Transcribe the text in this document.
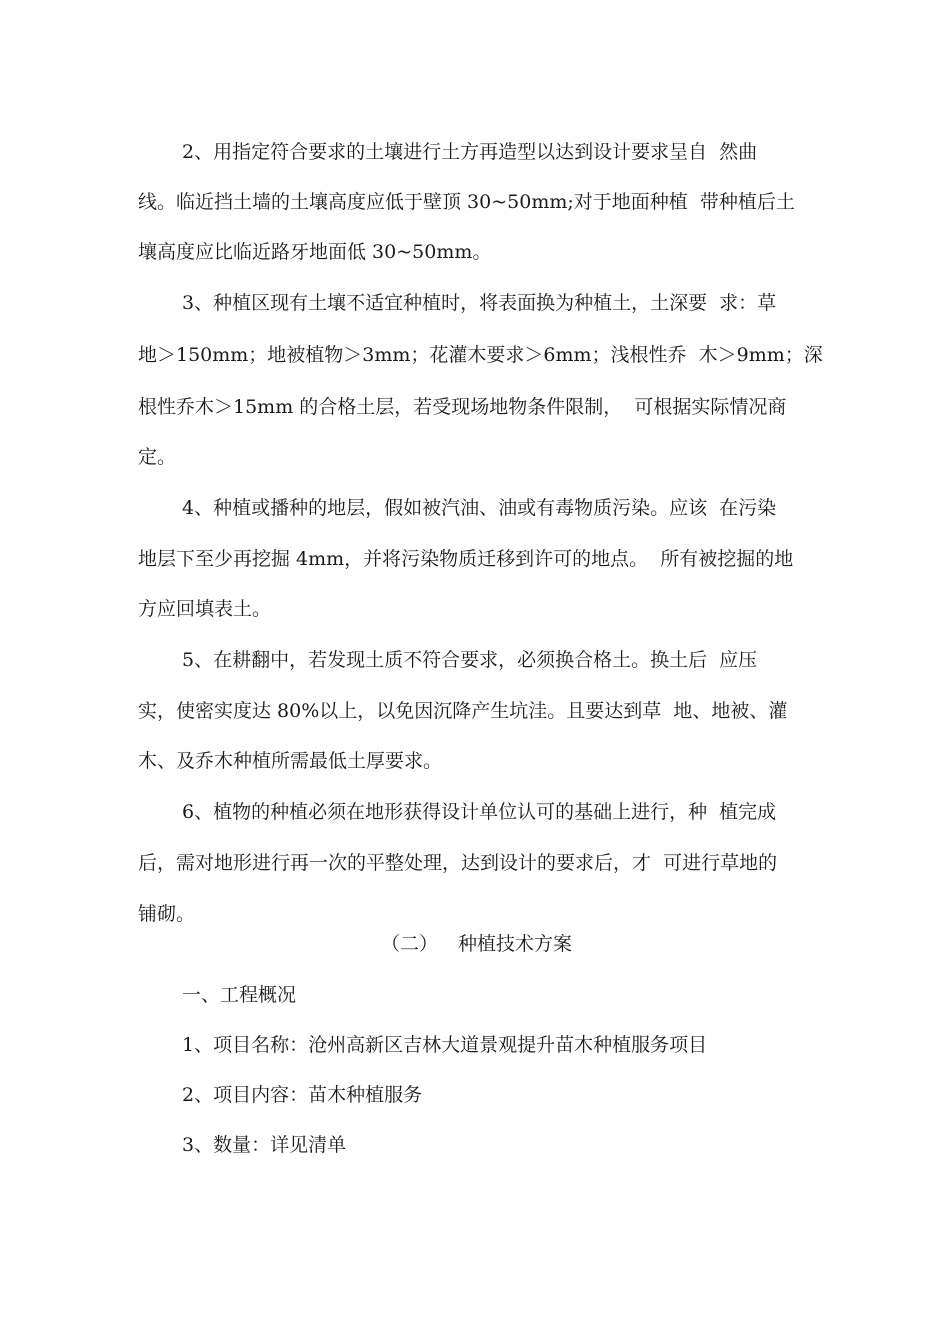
2、用指定符合要求的土壤进行土方再造型以达到设计要求呈自  然曲

线。临近挡土墙的土壤高度应低于壁顶 30~50mm;对于地面种植  带种植后土

壤高度应比临近路牙地面低 30~50mm。

3、种植区现有土壤不适宜种植时，将表面换为种植土，土深要  求：草

地＞150mm；地被植物＞3mm；花灌木要求＞6mm；浅根性乔  木＞9mm；深

根性乔木＞15mm 的合格土层，若受现场地物条件限制，  可根据实际情况商

定。

4、种植或播种的地层，假如被汽油、油或有毒物质污染。应该  在污染

地层下至少再挖掘 4mm，并将污染物质迁移到许可的地点。  所有被挖掘的地

方应回填表土。

5、在耕翻中，若发现土质不符合要求，必须换合格土。换土后  应压

实，使密实度达 80%以上，以免因沉降产生坑洼。且要达到草  地、地被、灌

木、及乔木种植所需最低土厚要求。

6、植物的种植必须在地形获得设计单位认可的基础上进行，种  植完成

后，需对地形进行再一次的平整处理，达到设计的要求后，才  可进行草地的

铺砌。

（二）

种植技术方案

一、工程概况

1、项目名称：沧州高新区吉林大道景观提升苗木种植服务项目

2、项目内容：苗木种植服务

3、数量：详见清单
